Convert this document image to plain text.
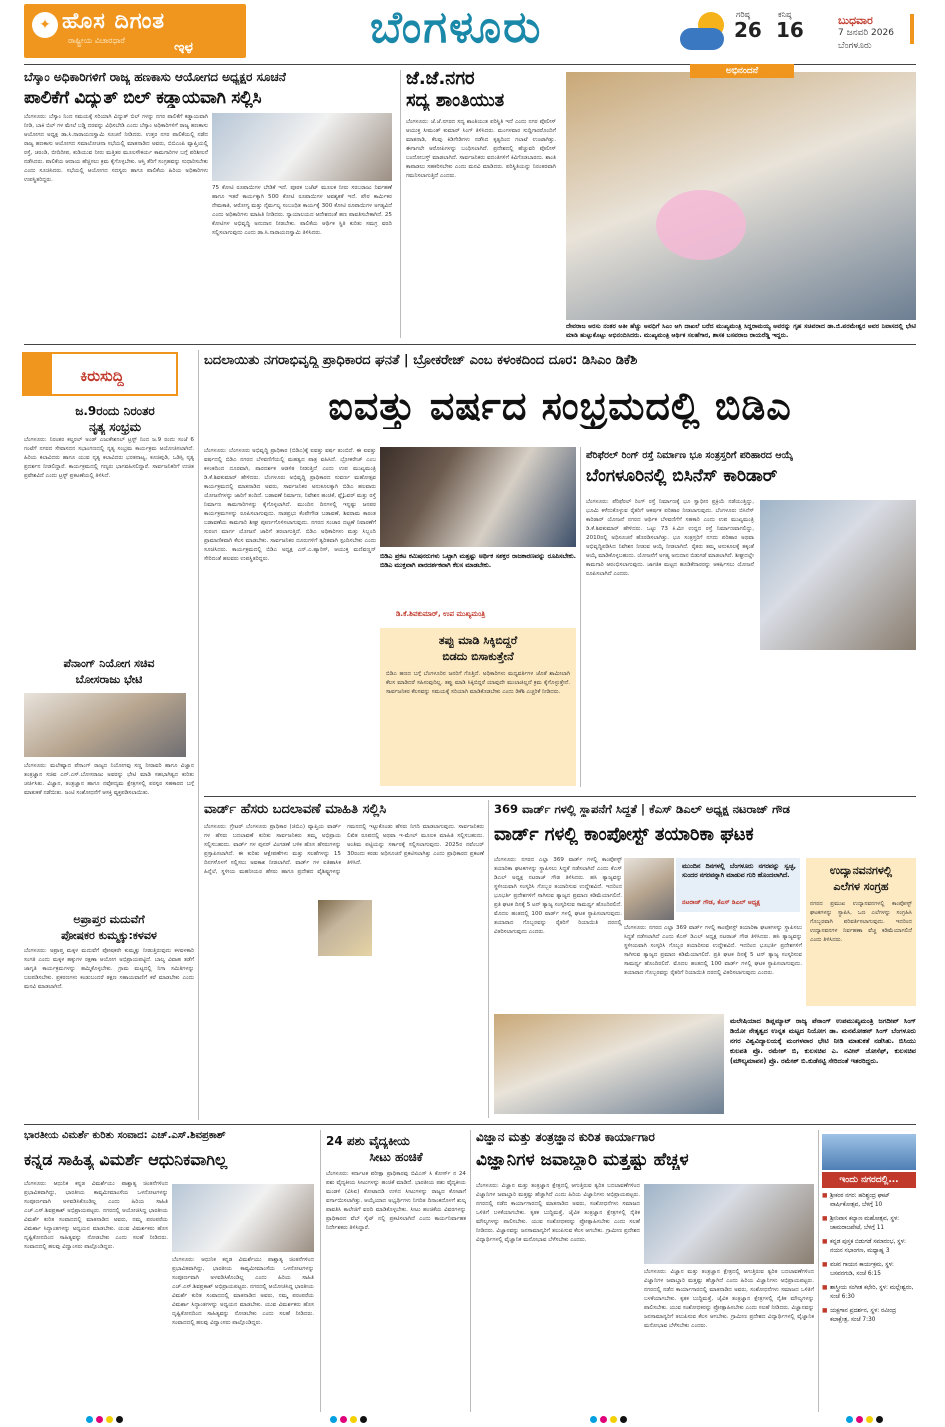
✦ ಹೊಸ ದಿಗಂತ
ರಾಷ್ಟ್ರೀಯ ವಿಚಾರಧಾರೆ	ಇಳ	ಬೆಂಗಳೂರು	ಗರಿಷ್ಠ
26
ಕನಿಷ್ಠ
16	ಬುಧವಾರ
7 ಜನವರಿ 2026
ಬೆಂಗಳೂರು
ಬೆಸ್ಕಾಂ ಅಧಿಕಾರಿಗಳಿಗೆ ರಾಜ್ಯ ಹಣಕಾಸು ಆಯೋಗದ ಅಧ್ಯಕ್ಷರ ಸೂಚನೆ
ಪಾಲಿಕೆಗೆ ವಿದ್ಯುತ್ ಬಿಲ್ ಕಡ್ಡಾಯವಾಗಿ ಸಲ್ಲಿಸಿ
ಬೆಂಗಳೂರು: ಬೆಸ್ಕಾಂ ನಿಂದ ಸಮಯಕ್ಕೆ ಸರಿಯಾಗಿ ವಿದ್ಯುತ್ ಬಿಲ್ ಗಳನ್ನು ನಗರ ಪಾಲಿಕೆಗೆ ಕಡ್ಡಾಯವಾಗಿ ನೀಡಿ, ಬಾಕಿ ಬಿಲ್ ಗಳ ಮೇಲೆ ಬಡ್ಡಿ ದರವನ್ನು ವಿಧಿಸಬೇಡಿ ಎಂದು ಬೆಸ್ಕಾಂ ಅಧಿಕಾರಿಗಳಿಗೆ ರಾಜ್ಯ ಹಣಕಾಸು ಆಯೋಗದ ಅಧ್ಯಕ್ಷ ಡಾ.ಸಿ.ನಾರಾಯಣಸ್ವಾಮಿ ಸೂಚನೆ ನೀಡಿದರು. ಉತ್ತರ ನಗರ ಪಾಲಿಕೆಯಲ್ಲಿ ನಡೆದ ರಾಜ್ಯ ಹಣಕಾಸು ಆಯೋಗದ ಸಮಾಲೋಚನಾ ಸಭೆಯಲ್ಲಿ ಮಾತನಾಡಿದ ಅವರು, ಬಿಬಿಎಂಪಿ ವ್ಯಾಪ್ತಿಯಲ್ಲಿ ರಸ್ತೆ, ಚರಂಡಿ, ಬೀದಿದೀಪ, ಕುಡಿಯುವ ನೀರು ಮತ್ತಿತರ ಮೂಲಸೌಕರ್ಯ ಕಾಮಗಾರಿಗಳ ಬಗ್ಗೆ ಪರಿಶೀಲನೆ ನಡೆಸಿದರು. ಪಾಲಿಕೆಯ ಆದಾಯ ಹೆಚ್ಚಿಸಲು ಕ್ರಮ ಕೈಗೊಳ್ಳಬೇಕು. ಆಸ್ತಿ ತೆರಿಗೆ ಸಂಗ್ರಹವನ್ನು ಸುಧಾರಿಸಬೇಕು ಎಂದು ಸೂಚಿಸಿದರು. ಸಭೆಯಲ್ಲಿ ಆಯೋಗದ ಸದಸ್ಯರು ಹಾಗೂ ಪಾಲಿಕೆಯ ಹಿರಿಯ ಅಧಿಕಾರಿಗಳು ಉಪಸ್ಥಿತರಿದ್ದರು.
75 ಕೋಟಿ ರೂಪಾಯಿಗಳ ಬೇಡಿಕೆ ಇದೆ. ಪೂರಕ ಬಜೆಟ್ ಮೂಲಕ ನೀರು ಸರಬರಾಜು ನಿರ್ವಹಣೆ ಹಾಗೂ ಇತರೆ ಕಾರ್ಯಕ್ಕಾಗಿ 500 ಕೋಟಿ ರೂಪಾಯಿಗಳ ಅವಶ್ಯಕತೆ ಇದೆ. ಪೌರ ಕಾರ್ಮಿಕರ ನೇಮಕಾತಿ, ಆರೋಗ್ಯ ಮತ್ತು ನೈರ್ಮಲ್ಯ ಸಂಬಂಧಿತ ಕಾರ್ಯಕ್ಕೆ 300 ಕೋಟಿ ರೂಪಾಯಿಗಳ ಅಗತ್ಯವಿದೆ ಎಂದು ಅಧಿಕಾರಿಗಳು ಮಾಹಿತಿ ನೀಡಿದರು. ನ್ಯಾಯಾಲಯದ ಆದೇಶದಂತೆ ಹಣ ಪಾವತಿಸಬೇಕಾಗಿದೆ. 25 ಕೋಟಿಗಳ ಅಭಿವೃದ್ಧಿ ಅನುದಾನ ನೀಡಬೇಕು. ಪಾಲಿಕೆಯ ಆರ್ಥಿಕ ಸ್ಥಿತಿ ಕುರಿತು ಸಮಗ್ರ ವರದಿ ಸಲ್ಲಿಸಲಾಗುವುದು ಎಂದು ಡಾ.ಸಿ.ನಾರಾಯಣಸ್ವಾಮಿ ತಿಳಿಸಿದರು.
ಜೆ.ಜೆ.ನಗರ
ಸದ್ಯ ಶಾಂತಿಯುತ
ಬೆಂಗಳೂರು: ಜೆ.ಜೆ.ನಗರದ ಸದ್ಯ ಶಾಂತಿಯುತ ಪರಿಸ್ಥಿತಿ ಇದೆ ಎಂದು ನಗರ ಪೊಲೀಸ್ ಆಯುಕ್ತ ಸೀಮಂತ್ ಕುಮಾರ್ ಸಿಂಗ್ ತಿಳಿಸಿದರು. ಮಂಗಳವಾರ ಸುದ್ದಿಗಾರರೊಂದಿಗೆ ಮಾತನಾಡಿ, ಕೆಲವು ಕಿಡಿಗೇಡಿಗಳು ನಡೆಸಿದ ಕೃತ್ಯದಿಂದ ಗಲಾಟೆ ಉಂಟಾಗಿತ್ತು. ಈಗಾಗಲೇ ಆರೋಪಿಗಳನ್ನು ಬಂಧಿಸಲಾಗಿದೆ. ಪ್ರದೇಶದಲ್ಲಿ ಹೆಚ್ಚುವರಿ ಪೊಲೀಸ್ ಬಂದೋಬಸ್ತ್ ಮಾಡಲಾಗಿದೆ. ಸಾರ್ವಜನಿಕರು ವದಂತಿಗಳಿಗೆ ಕಿವಿಗೊಡಬಾರದು. ಶಾಂತಿ ಕಾಪಾಡಲು ಸಹಕರಿಸಬೇಕು ಎಂದು ಮನವಿ ಮಾಡಿದರು. ಪರಿಸ್ಥಿತಿಯನ್ನು ನಿರಂತರವಾಗಿ ಗಮನಿಸಲಾಗುತ್ತಿದೆ ಎಂದರು.
ಅಭಿನಂದನೆ
ದೇವರಾಜ ಅರಸು ನಂತರ ಅತೀ ಹೆಚ್ಚು ಅವಧಿಗೆ ಸಿಎಂ ಆಗಿ ದಾಖಲೆ ಬರೆದ ಮುಖ್ಯಮಂತ್ರಿ ಸಿದ್ದರಾಮಯ್ಯ ಅವರನ್ನು ಗೃಹ ಸಚಿವರಾದ ಡಾ.ಜಿ.ಪರಮೇಶ್ವರ ಅವರ ನಿವಾಸದಲ್ಲಿ ಭೇಟಿ ಮಾಡಿ ಹುಟ್ಟುಕೊಟ್ಟು ಅಭಿನಂದಿಸಿದರು. ಮುಖ್ಯಮಂತ್ರಿ ಆರ್ಥಿಕ ಸಲಹೆಗಾರ, ಶಾಸಕ ಬಸವರಾಜ ರಾಯರೆಡ್ಡಿ ಇದ್ದರು.
ಕಿರುಸುದ್ದಿ
ಜ.9ರಂದು ನಿರಂತರ
ನೃತ್ಯ ಸಂಭ್ರಮ
ಬೆಂಗಳೂರು: ನಿರಂತರ ಕಲ್ಚರಲ್ ಅಂಡ್ ಎಜುಕೇಶನಲ್ ಟ್ರಸ್ಟ್ ನಿಂದ ಜ.9 ರಂದು ಸಂಜೆ 6 ಗಂಟೆಗೆ ನಗರದ ಸೇವಾಸದನ ಸಭಾಂಗಣದಲ್ಲಿ ನೃತ್ಯ ಸಂಭ್ರಮ ಕಾರ್ಯಕ್ರಮ ಆಯೋಜಿಸಲಾಗಿದೆ. ಹಿರಿಯ ಕಲಾವಿದರು ಹಾಗೂ ಯುವ ನೃತ್ಯ ಕಲಾವಿದರು ಭರತನಾಟ್ಯ, ಕೂಚಿಪುಡಿ, ಒಡಿಸ್ಸಿ ನೃತ್ಯ ಪ್ರದರ್ಶನ ನೀಡಲಿದ್ದಾರೆ. ಕಾರ್ಯಕ್ರಮದಲ್ಲಿ ಗಣ್ಯರು ಭಾಗವಹಿಸಲಿದ್ದಾರೆ. ಸಾರ್ವಜನಿಕರಿಗೆ ಉಚಿತ ಪ್ರವೇಶವಿದೆ ಎಂದು ಟ್ರಸ್ಟ್ ಪ್ರಕಟಣೆಯಲ್ಲಿ ತಿಳಿಸಿದೆ.
ಪೆನಾಂಗ್ ನಿಯೋಗ ಸಚಿವ
ಬೋಸರಾಜು ಭೇಟಿ
ಬೆಂಗಳೂರು: ಮಲೇಷ್ಯಾದ ಪೆನಾಂಗ್ ರಾಜ್ಯದ ನಿಯೋಗವು ಸಣ್ಣ ನೀರಾವರಿ ಹಾಗೂ ವಿಜ್ಞಾನ ತಂತ್ರಜ್ಞಾನ ಸಚಿವ ಎನ್.ಎಸ್.ಬೋಸರಾಜು ಅವರನ್ನು ಭೇಟಿ ಮಾಡಿ ಸಹಭಾಗಿತ್ವದ ಕುರಿತು ಚರ್ಚಿಸಿತು. ವಿಜ್ಞಾನ, ತಂತ್ರಜ್ಞಾನ ಹಾಗೂ ನವೋದ್ಯಮ ಕ್ಷೇತ್ರಗಳಲ್ಲಿ ಪರಸ್ಪರ ಸಹಕಾರದ ಬಗ್ಗೆ ಮಾತುಕತೆ ನಡೆಯಿತು. ಜಂಟಿ ಸಂಶೋಧನೆಗೆ ಆಸಕ್ತಿ ವ್ಯಕ್ತಪಡಿಸಲಾಯಿತು.
ಅಪ್ರಾಪ್ತರ ಮದುವೆಗೆ
ಪೋಷಕರ ಕುಮ್ಮಕ್ಕು:ಕಳವಳ
ಬೆಂಗಳೂರು: ಅಪ್ರಾಪ್ತ ಮಕ್ಕಳ ಮದುವೆಗೆ ಪೋಷಕರೇ ಕುಮ್ಮಕ್ಕು ನೀಡುತ್ತಿರುವುದು ಕಳವಳಕಾರಿ ಸಂಗತಿ ಎಂದು ಮಕ್ಕಳ ಹಕ್ಕುಗಳ ರಕ್ಷಣಾ ಆಯೋಗ ಅಭಿಪ್ರಾಯಪಟ್ಟಿದೆ. ಬಾಲ್ಯ ವಿವಾಹ ತಡೆಗೆ ಜಾಗೃತಿ ಕಾರ್ಯಕ್ರಮಗಳನ್ನು ಹಮ್ಮಿಕೊಳ್ಳಬೇಕು. ಗ್ರಾಮ ಮಟ್ಟದಲ್ಲಿ ನಿಗಾ ಸಮಿತಿಗಳನ್ನು ಬಲಪಡಿಸಬೇಕು. ಪ್ರಕರಣಗಳು ಕಂಡುಬಂದರೆ ತಕ್ಷಣ ಸಹಾಯವಾಣಿಗೆ ಕರೆ ಮಾಡಬೇಕು ಎಂದು ಮನವಿ ಮಾಡಲಾಗಿದೆ.
ಬದಲಾಯಿತು ನಗರಾಭಿವೃದ್ಧಿ ಪ್ರಾಧಿಕಾರದ ಘನತೆ | ಬ್ರೋಕರೇಜ್ ಎಂಬ ಕಳಂಕದಿಂದ ದೂರ: ಡಿಸಿಎಂ ಡಿಕೆಶಿ
ಐವತ್ತು ವರ್ಷದ ಸಂಭ್ರಮದಲ್ಲಿ ಬಿಡಿಎ
ಬೆಂಗಳೂರು: ಬೆಂಗಳೂರು ಅಭಿವೃದ್ಧಿ ಪ್ರಾಧಿಕಾರ (ಬಿಡಿಎ)ಕ್ಕೆ ಐವತ್ತು ವರ್ಷ ತುಂಬಿದೆ. ಈ ಐವತ್ತು ವರ್ಷದಲ್ಲಿ ಬಿಡಿಎ ನಗರದ ಬೆಳವಣಿಗೆಯಲ್ಲಿ ಮಹತ್ವದ ಪಾತ್ರ ವಹಿಸಿದೆ. ಬ್ರೋಕರೇಜ್ ಎಂಬ ಕಳಂಕದಿಂದ ದೂರವಾಗಿ, ಪಾರದರ್ಶಕ ಆಡಳಿತ ನೀಡುತ್ತಿದೆ ಎಂದು ಉಪ ಮುಖ್ಯಮಂತ್ರಿ ಡಿ.ಕೆ.ಶಿವಕುಮಾರ್ ಹೇಳಿದರು. ಬೆಂಗಳೂರು ಅಭಿವೃದ್ಧಿ ಪ್ರಾಧಿಕಾರದ ಸುವರ್ಣ ಮಹೋತ್ಸವ ಕಾರ್ಯಕ್ರಮದಲ್ಲಿ ಮಾತನಾಡಿದ ಅವರು, ಸಾರ್ವಜನಿಕರ ಅನುಕೂಲಕ್ಕಾಗಿ ಬಿಡಿಎ ಹಲವಾರು ಯೋಜನೆಗಳನ್ನು ಜಾರಿಗೆ ತಂದಿದೆ. ಬಡಾವಣೆ ನಿರ್ಮಾಣ, ನಿವೇಶನ ಹಂಚಿಕೆ, ಫ್ಲೈಓವರ್ ಮತ್ತು ರಸ್ತೆ ನಿರ್ಮಾಣ ಕಾಮಗಾರಿಗಳನ್ನು ಕೈಗೊಳ್ಳಲಾಗಿದೆ. ಮುಂದಿನ ದಿನಗಳಲ್ಲಿ ಇನ್ನಷ್ಟು ಜನಪರ ಕಾರ್ಯಕ್ರಮಗಳನ್ನು ರೂಪಿಸಲಾಗುವುದು. ನಾಡಪ್ರಭು ಕೆಂಪೇಗೌಡ ಬಡಾವಣೆ, ಶಿವರಾಮ ಕಾರಂತ ಬಡಾವಣೆಯ ಕಾಮಗಾರಿ ಶೀಘ್ರ ಪೂರ್ಣಗೊಳಿಸಲಾಗುವುದು. ನಗರದ ಸಂಚಾರ ದಟ್ಟಣೆ ನಿವಾರಣೆಗೆ ಸುರಂಗ ಮಾರ್ಗ ಯೋಜನೆ ಜಾರಿಗೆ ತರಲಾಗುತ್ತಿದೆ. ಬಿಡಿಎ ಅಧಿಕಾರಿಗಳು ಮತ್ತು ಸಿಬ್ಬಂದಿ ಪ್ರಾಮಾಣಿಕವಾಗಿ ಕೆಲಸ ಮಾಡಬೇಕು. ಸಾರ್ವಜನಿಕರ ದೂರುಗಳಿಗೆ ತ್ವರಿತವಾಗಿ ಸ್ಪಂದಿಸಬೇಕು ಎಂದು ಸೂಚಿಸಿದರು. ಕಾರ್ಯಕ್ರಮದಲ್ಲಿ ಬಿಡಿಎ ಅಧ್ಯಕ್ಷ ಎನ್.ಎ.ಹ್ಯಾರಿಸ್, ಆಯುಕ್ತ ಮಣಿವಣ್ಣನ್ ಸೇರಿದಂತೆ ಹಲವರು ಉಪಸ್ಥಿತರಿದ್ದರು.	ಬಿಡಿಎ ಪ್ರಕಟ ಕಮಿಷನರುಗಳು ಒಟ್ಟಾಗಿ ಮತ್ತಷ್ಟು ಅರ್ಥಿಕ ಸಶಕ್ತರ ರಾಜಕಾರಣವನ್ನು ರೂಪಿಸಬೇಕು. ಬಿಡಿಎ ಮುಕ್ತವಾಗಿ ಪಾರದರ್ಶಕವಾಗಿ ಕೆಲಸ ಮಾಡಬೇಕು.
ಡಿ.ಕೆ.ಶಿವಕುಮಾರ್, ಉಪ ಮುಖ್ಯಮಂತ್ರಿ
ತಪ್ಪು ಮಾಡಿ ಸಿಕ್ಕಿಬಿದ್ದರೆ
ಬಿಡದು ಬಿಸಾಕುತ್ತೇನೆ
ಬಿಡಿಎ ಹಣದ ಬಗ್ಗೆ ಬೆಂಗಳೂರಿನ ಜನರಿಗೆ ಗೊತ್ತಿದೆ. ಅಧಿಕಾರಿಗಳು ಮಧ್ಯವರ್ತಿಗಳ ಜೊತೆ ಶಾಮೀಲಾಗಿ ಕೆಲಸ ಮಾಡಿದರೆ ಸಹಿಸುವುದಿಲ್ಲ. ತಪ್ಪು ಮಾಡಿ ಸಿಕ್ಕಿಬಿದ್ದರೆ ಯಾವುದೇ ಮುಲಾಜಿಲ್ಲದೆ ಕ್ರಮ ಕೈಗೊಳ್ಳುತ್ತೇನೆ. ಸಾರ್ವಜನಿಕರ ಕೆಲಸವನ್ನು ಸಮಯಕ್ಕೆ ಸರಿಯಾಗಿ ಮಾಡಿಕೊಡಬೇಕು ಎಂದು ಡಿಕೆಶಿ ಎಚ್ಚರಿಕೆ ನೀಡಿದರು.
ಪೆರಿಫೆರಲ್ ರಿಂಗ್ ರಸ್ತೆ ನಿರ್ಮಾಣ ಭೂ ಸಂತ್ರಸ್ತರಿಗೆ ಪರಿಹಾರದ ಆಯ್ಕೆ
ಬೆಂಗಳೂರಿನಲ್ಲಿ ಬಿಸಿನೆಸ್ ಕಾರಿಡಾರ್
ಬೆಂಗಳೂರು: ಪೆರಿಫೆರಲ್ ರಿಂಗ್ ರಸ್ತೆ ನಿರ್ಮಾಣಕ್ಕೆ ಭೂ ಸ್ವಾಧೀನ ಪ್ರಕ್ರಿಯೆ ನಡೆಯುತ್ತಿದ್ದು, ಭೂಮಿ ಕಳೆದುಕೊಳ್ಳುವ ರೈತರಿಗೆ ಆಕರ್ಷಕ ಪರಿಹಾರ ನೀಡಲಾಗುವುದು. ಬೆಂಗಳೂರು ಬಿಸಿನೆಸ್ ಕಾರಿಡಾರ್ ಯೋಜನೆ ನಗರದ ಆರ್ಥಿಕ ಬೆಳವಣಿಗೆಗೆ ಸಹಕಾರಿ ಎಂದು ಉಪ ಮುಖ್ಯಮಂತ್ರಿ ಡಿ.ಕೆ.ಶಿವಕುಮಾರ್ ಹೇಳಿದರು. ಒಟ್ಟು 73 ಕಿ.ಮೀ ಉದ್ದದ ರಸ್ತೆ ನಿರ್ಮಾಣವಾಗಲಿದ್ದು, 2010ರಲ್ಲಿ ಅಧಿಸೂಚನೆ ಹೊರಡಿಸಲಾಗಿತ್ತು. ಭೂ ಸಂತ್ರಸ್ತರಿಗೆ ನಗದು ಪರಿಹಾರ ಅಥವಾ ಅಭಿವೃದ್ಧಿಪಡಿಸಿದ ನಿವೇಶನ ನೀಡುವ ಆಯ್ಕೆ ನೀಡಲಾಗಿದೆ. ರೈತರು ತಮ್ಮ ಅನುಕೂಲಕ್ಕೆ ತಕ್ಕಂತೆ ಆಯ್ಕೆ ಮಾಡಿಕೊಳ್ಳಬಹುದು. ಯೋಜನೆಗೆ ಅಗತ್ಯ ಅನುದಾನ ಬಿಡುಗಡೆ ಮಾಡಲಾಗಿದೆ. ಶೀಘ್ರದಲ್ಲೇ ಕಾಮಗಾರಿ ಆರಂಭಿಸಲಾಗುವುದು. ಜಾಗತಿಕ ಮಟ್ಟದ ಹೂಡಿಕೆದಾರರನ್ನು ಆಕರ್ಷಿಸಲು ಯೋಜನೆ ರೂಪಿಸಲಾಗಿದೆ ಎಂದರು.
ವಾರ್ಡ್ ಹೆಸರು ಬದಲಾವಣೆ ಮಾಹಿತಿ ಸಲ್ಲಿಸಿ
ಬೆಂಗಳೂರು: ಗ್ರೇಟರ್ ಬೆಂಗಳೂರು ಪ್ರಾಧಿಕಾರ (ಜಿಬಿಎ) ವ್ಯಾಪ್ತಿಯ ವಾರ್ಡ್ ಗಳ ಹೆಸರು ಬದಲಾವಣೆ ಕುರಿತು ಸಾರ್ವಜನಿಕರು ತಮ್ಮ ಅಭಿಪ್ರಾಯ ಸಲ್ಲಿಸಬಹುದು. ವಾರ್ಡ್ ಗಳ ಪುನರ್ ವಿಂಗಡಣೆ ಬಳಿಕ ಹೊಸ ಹೆಸರುಗಳನ್ನು ಪ್ರಸ್ತಾಪಿಸಲಾಗಿದೆ. ಈ ಕುರಿತು ಆಕ್ಷೇಪಣೆಗಳು ಮತ್ತು ಸಲಹೆಗಳನ್ನು 15 ದಿನಗಳೊಳಗೆ ಸಲ್ಲಿಸಲು ಅವಕಾಶ ನೀಡಲಾಗಿದೆ. ವಾರ್ಡ್ ಗಳ ಐತಿಹಾಸಿಕ ಹಿನ್ನೆಲೆ, ಸ್ಥಳೀಯ ಮಹನೀಯರ ಹೆಸರು ಹಾಗೂ ಪ್ರದೇಶದ ವೈಶಿಷ್ಟ್ಯಗಳನ್ನು ಗಮನದಲ್ಲಿ ಇಟ್ಟುಕೊಂಡು ಹೆಸರು ನಿಗದಿ ಮಾಡಲಾಗುವುದು. ಸಾರ್ವಜನಿಕರು ಲಿಖಿತ ರೂಪದಲ್ಲಿ ಅಥವಾ ಇ-ಮೇಲ್ ಮೂಲಕ ಮಾಹಿತಿ ಸಲ್ಲಿಸಬಹುದು. ಅಂತಿಮ ಪಟ್ಟಿಯನ್ನು ಸರ್ಕಾರಕ್ಕೆ ಸಲ್ಲಿಸಲಾಗುವುದು. 2025ರ ನವೆಂಬರ್ 30ರಂದು ಕರಡು ಅಧಿಸೂಚನೆ ಪ್ರಕಟಿಸಲಾಗಿತ್ತು ಎಂದು ಪ್ರಾಧಿಕಾರದ ಪ್ರಕಟಣೆ ತಿಳಿಸಿದೆ.
369 ವಾರ್ಡ್ ಗಳಲ್ಲಿ ಸ್ಥಾಪನೆಗೆ ಸಿದ್ಧತೆ | ಕೆಎಸ್ ಡಿಎಲ್ ಅಧ್ಯಕ್ಷ ನಟರಾಜ್ ಗೌಡ
ವಾರ್ಡ್ ಗಳಲ್ಲಿ ಕಾಂಪೋಸ್ಟ್ ತಯಾರಿಕಾ ಘಟಕ
ಬೆಂಗಳೂರು: ನಗರದ ಎಲ್ಲಾ 369 ವಾರ್ಡ್ ಗಳಲ್ಲಿ ಕಾಂಪೋಸ್ಟ್ ತಯಾರಿಕಾ ಘಟಕಗಳನ್ನು ಸ್ಥಾಪಿಸಲು ಸಿದ್ಧತೆ ನಡೆಸಲಾಗಿದೆ ಎಂದು ಕೆಎಸ್ ಡಿಎಲ್ ಅಧ್ಯಕ್ಷ ನಟರಾಜ್ ಗೌಡ ತಿಳಿಸಿದರು. ಹಸಿ ತ್ಯಾಜ್ಯವನ್ನು ಸ್ಥಳೀಯವಾಗಿ ಸಂಸ್ಕರಿಸಿ ಗೊಬ್ಬರ ತಯಾರಿಸುವ ಉದ್ದೇಶವಿದೆ. ಇದರಿಂದ ಭೂಭರ್ತಿ ಪ್ರದೇಶಗಳಿಗೆ ಸಾಗಿಸುವ ತ್ಯಾಜ್ಯದ ಪ್ರಮಾಣ ಕಡಿಮೆಯಾಗಲಿದೆ. ಪ್ರತಿ ಘಟಕ ದಿನಕ್ಕೆ 5 ಟನ್ ತ್ಯಾಜ್ಯ ಸಂಸ್ಕರಿಸುವ ಸಾಮರ್ಥ್ಯ ಹೊಂದಿರಲಿದೆ. ಮೊದಲ ಹಂತದಲ್ಲಿ 100 ವಾರ್ಡ್ ಗಳಲ್ಲಿ ಘಟಕ ಸ್ಥಾಪಿಸಲಾಗುವುದು. ತಯಾರಾದ ಗೊಬ್ಬರವನ್ನು ರೈತರಿಗೆ ರಿಯಾಯಿತಿ ದರದಲ್ಲಿ ವಿತರಿಸಲಾಗುವುದು ಎಂದರು.
ಮುಂದಿನ ದಿನಗಳಲ್ಲಿ ಬೆಂಗಳೂರು ನಗರವನ್ನು ಸ್ವಚ್ಛ, ಸುಂದರ ನಗರವನ್ನಾಗಿ ಮಾಡುವ ಗುರಿ ಹೊಂದಲಾಗಿದೆ.
ನಟರಾಜ್ ಗೌಡ, ಕೆಎಸ್ ಡಿಎಲ್ ಅಧ್ಯಕ್ಷ
ಬೆಂಗಳೂರು: ನಗರದ ಎಲ್ಲಾ 369 ವಾರ್ಡ್ ಗಳಲ್ಲಿ ಕಾಂಪೋಸ್ಟ್ ತಯಾರಿಕಾ ಘಟಕಗಳನ್ನು ಸ್ಥಾಪಿಸಲು ಸಿದ್ಧತೆ ನಡೆಸಲಾಗಿದೆ ಎಂದು ಕೆಎಸ್ ಡಿಎಲ್ ಅಧ್ಯಕ್ಷ ನಟರಾಜ್ ಗೌಡ ತಿಳಿಸಿದರು. ಹಸಿ ತ್ಯಾಜ್ಯವನ್ನು ಸ್ಥಳೀಯವಾಗಿ ಸಂಸ್ಕರಿಸಿ ಗೊಬ್ಬರ ತಯಾರಿಸುವ ಉದ್ದೇಶವಿದೆ. ಇದರಿಂದ ಭೂಭರ್ತಿ ಪ್ರದೇಶಗಳಿಗೆ ಸಾಗಿಸುವ ತ್ಯಾಜ್ಯದ ಪ್ರಮಾಣ ಕಡಿಮೆಯಾಗಲಿದೆ. ಪ್ರತಿ ಘಟಕ ದಿನಕ್ಕೆ 5 ಟನ್ ತ್ಯಾಜ್ಯ ಸಂಸ್ಕರಿಸುವ ಸಾಮರ್ಥ್ಯ ಹೊಂದಿರಲಿದೆ. ಮೊದಲ ಹಂತದಲ್ಲಿ 100 ವಾರ್ಡ್ ಗಳಲ್ಲಿ ಘಟಕ ಸ್ಥಾಪಿಸಲಾಗುವುದು. ತಯಾರಾದ ಗೊಬ್ಬರವನ್ನು ರೈತರಿಗೆ ರಿಯಾಯಿತಿ ದರದಲ್ಲಿ ವಿತರಿಸಲಾಗುವುದು ಎಂದರು.
ಉದ್ಯಾನವನಗಳಲ್ಲಿ
ಎಲೆಗಳ ಸಂಗ್ರಹ
ನಗರದ ಪ್ರಮುಖ ಉದ್ಯಾನವನಗಳಲ್ಲಿ ಕಾಂಪೋಸ್ಟ್ ಘಟಕಗಳನ್ನು ಸ್ಥಾಪಿಸಿ, ಒಣ ಎಲೆಗಳನ್ನು ಸಂಗ್ರಹಿಸಿ ಗೊಬ್ಬರವಾಗಿ ಪರಿವರ್ತಿಸಲಾಗುವುದು. ಇದರಿಂದ ಉದ್ಯಾನವನಗಳ ನಿರ್ವಹಣಾ ವೆಚ್ಚ ಕಡಿಮೆಯಾಗಲಿದೆ ಎಂದು ತಿಳಿಸಿದರು.
ಮಲೇಷಿಯಾದ ಡಿಪ್ಲಮ್ಯಾಟ್ ರಾಜ್ಯ ಪೆನಾಂಗ್ ಉಪಮುಖ್ಯಮಂತ್ರಿ ಜಗದೀಪ್ ಸಿಂಗ್ ಡಿಯೋ ನೇತೃತ್ವದ ಉನ್ನತ ಮಟ್ಟದ ನಿಯೋಗ ಡಾ. ಮನಮೋಹನ್ ಸಿಂಗ್ ಬೆಂಗಳೂರು ನಗರ ವಿಶ್ವವಿದ್ಯಾಲಯಕ್ಕೆ ಮಂಗಳವಾರ ಭೇಟಿ ನೀಡಿ ಮಾತುಕತೆ ನಡೆಸಿತು. ಬಿಸಿಯು ಕುಲಪತಿ ಪ್ರೊ. ರಮೇಶ್ ಬಿ, ಕುಲಸಚಿವ ಎ. ನವೀನ್ ಜೋಸೆಫ್, ಕುಲಸಚಿವ (ಮೌಲ್ಯಮಾಪನ) ಪ್ರೊ. ರಮೇಶ್ ಬಿ.ಕುಡೆನಟ್ಟಿ ಸೇರಿದಂತೆ ಇತರರಿದ್ದರು.
ಭಾರತೀಯ ವಿಮರ್ಶೆ ಕುರಿತು ಸಂವಾದ: ಎಚ್.ಎಸ್.ಶಿವಪ್ರಕಾಶ್
ಕನ್ನಡ ಸಾಹಿತ್ಯ ವಿಮರ್ಶೆ ಆಧುನಿಕವಾಗಿಲ್ಲ
ಬೆಂಗಳೂರು: ಆಧುನಿಕ ಕನ್ನಡ ವಿಮರ್ಶೆಯು ಪಾಶ್ಚಾತ್ಯ ಚಿಂತನೆಗಳಿಂದ ಪ್ರಭಾವಿತವಾಗಿದ್ದು, ಭಾರತೀಯ ಕಾವ್ಯಮೀಮಾಂಸೆಯ ಒಳನೋಟಗಳನ್ನು ಸಂಪೂರ್ಣವಾಗಿ ಅಳವಡಿಸಿಕೊಂಡಿಲ್ಲ ಎಂದು ಹಿರಿಯ ಸಾಹಿತಿ ಎಚ್.ಎಸ್.ಶಿವಪ್ರಕಾಶ್ ಅಭಿಪ್ರಾಯಪಟ್ಟರು. ನಗರದಲ್ಲಿ ಆಯೋಜಿಸಿದ್ದ ಭಾರತೀಯ ವಿಮರ್ಶೆ ಕುರಿತ ಸಂವಾದದಲ್ಲಿ ಮಾತನಾಡಿದ ಅವರು, ನಮ್ಮ ಪರಂಪರೆಯ ವಿಮರ್ಶಾ ಸಿದ್ಧಾಂತಗಳನ್ನು ಅಧ್ಯಯನ ಮಾಡಬೇಕು. ಯುವ ವಿಮರ್ಶಕರು ಹೊಸ ದೃಷ್ಟಿಕೋನದಿಂದ ಸಾಹಿತ್ಯವನ್ನು ನೋಡಬೇಕು ಎಂದು ಸಲಹೆ ನೀಡಿದರು. ಸಂವಾದದಲ್ಲಿ ಹಲವು ವಿದ್ವಾಂಸರು ಪಾಲ್ಗೊಂಡಿದ್ದರು.
ಬೆಂಗಳೂರು: ಆಧುನಿಕ ಕನ್ನಡ ವಿಮರ್ಶೆಯು ಪಾಶ್ಚಾತ್ಯ ಚಿಂತನೆಗಳಿಂದ ಪ್ರಭಾವಿತವಾಗಿದ್ದು, ಭಾರತೀಯ ಕಾವ್ಯಮೀಮಾಂಸೆಯ ಒಳನೋಟಗಳನ್ನು ಸಂಪೂರ್ಣವಾಗಿ ಅಳವಡಿಸಿಕೊಂಡಿಲ್ಲ ಎಂದು ಹಿರಿಯ ಸಾಹಿತಿ ಎಚ್.ಎಸ್.ಶಿವಪ್ರಕಾಶ್ ಅಭಿಪ್ರಾಯಪಟ್ಟರು. ನಗರದಲ್ಲಿ ಆಯೋಜಿಸಿದ್ದ ಭಾರತೀಯ ವಿಮರ್ಶೆ ಕುರಿತ ಸಂವಾದದಲ್ಲಿ ಮಾತನಾಡಿದ ಅವರು, ನಮ್ಮ ಪರಂಪರೆಯ ವಿಮರ್ಶಾ ಸಿದ್ಧಾಂತಗಳನ್ನು ಅಧ್ಯಯನ ಮಾಡಬೇಕು. ಯುವ ವಿಮರ್ಶಕರು ಹೊಸ ದೃಷ್ಟಿಕೋನದಿಂದ ಸಾಹಿತ್ಯವನ್ನು ನೋಡಬೇಕು ಎಂದು ಸಲಹೆ ನೀಡಿದರು. ಸಂವಾದದಲ್ಲಿ ಹಲವು ವಿದ್ವಾಂಸರು ಪಾಲ್ಗೊಂಡಿದ್ದರು.
24 ಪಶು ವೈದ್ಯಕೀಯ
ಸೀಟು ಹಂಚಿಕೆ
ಬೆಂಗಳೂರು: ಕರ್ನಾಟಕ ಪರೀಕ್ಷಾ ಪ್ರಾಧಿಕಾರವು ಬಿವಿಎಸ್ ಸಿ ಕೋರ್ಸ್ ನ 24 ಪಶು ವೈದ್ಯಕೀಯ ಸೀಟುಗಳನ್ನು ಹಂಚಿಕೆ ಮಾಡಿದೆ. ಭಾರತೀಯ ಪಶು ವೈದ್ಯಕೀಯ ಮಂಡಳಿ (ವಿಸಿಐ) ಕೋಟಾದಡಿ ಉಳಿದ ಸೀಟುಗಳನ್ನು ರಾಜ್ಯದ ಕೋಟಾಗೆ ವರ್ಗಾಯಿಸಲಾಗಿತ್ತು. ಆಯ್ಕೆಯಾದ ಅಭ್ಯರ್ಥಿಗಳು ನಿಗದಿತ ದಿನಾಂಕದೊಳಗೆ ಶುಲ್ಕ ಪಾವತಿಸಿ ಕಾಲೇಜಿಗೆ ವರದಿ ಮಾಡಿಕೊಳ್ಳಬೇಕು. ಸೀಟು ಹಂಚಿಕೆಯ ವಿವರಗಳನ್ನು ಪ್ರಾಧಿಕಾರದ ವೆಬ್ ಸೈಟ್ ನಲ್ಲಿ ಪ್ರಕಟಿಸಲಾಗಿದೆ ಎಂದು ಕಾರ್ಯನಿರ್ವಾಹಕ ನಿರ್ದೇಶಕರು ತಿಳಿಸಿದ್ದಾರೆ.
ವಿಜ್ಞಾನ ಮತ್ತು ತಂತ್ರಜ್ಞಾನ ಕುರಿತ ಕಾರ್ಯಾಗಾರ
ವಿಜ್ಞಾನಿಗಳ ಜವಾಬ್ದಾರಿ ಮತ್ತಷ್ಟು ಹೆಚ್ಚಳ
ಬೆಂಗಳೂರು: ವಿಜ್ಞಾನ ಮತ್ತು ತಂತ್ರಜ್ಞಾನ ಕ್ಷೇತ್ರದಲ್ಲಿ ಆಗುತ್ತಿರುವ ತ್ವರಿತ ಬದಲಾವಣೆಗಳಿಂದ ವಿಜ್ಞಾನಿಗಳ ಜವಾಬ್ದಾರಿ ಮತ್ತಷ್ಟು ಹೆಚ್ಚಾಗಿದೆ ಎಂದು ಹಿರಿಯ ವಿಜ್ಞಾನಿಗಳು ಅಭಿಪ್ರಾಯಪಟ್ಟರು. ನಗರದಲ್ಲಿ ನಡೆದ ಕಾರ್ಯಾಗಾರದಲ್ಲಿ ಮಾತನಾಡಿದ ಅವರು, ಸಂಶೋಧನೆಗಳು ಸಮಾಜದ ಒಳಿತಿಗೆ ಬಳಕೆಯಾಗಬೇಕು. ಕೃತಕ ಬುದ್ಧಿಮತ್ತೆ, ಜೈವಿಕ ತಂತ್ರಜ್ಞಾನ ಕ್ಷೇತ್ರಗಳಲ್ಲಿ ನೈತಿಕ ಮೌಲ್ಯಗಳನ್ನು ಪಾಲಿಸಬೇಕು. ಯುವ ಸಂಶೋಧಕರನ್ನು ಪ್ರೋತ್ಸಾಹಿಸಬೇಕು ಎಂದು ಸಲಹೆ ನೀಡಿದರು. ವಿಜ್ಞಾನವನ್ನು ಜನಸಾಮಾನ್ಯರಿಗೆ ತಲುಪಿಸುವ ಕೆಲಸ ಆಗಬೇಕು. ಗ್ರಾಮೀಣ ಪ್ರದೇಶದ ವಿದ್ಯಾರ್ಥಿಗಳಲ್ಲಿ ವೈಜ್ಞಾನಿಕ ಮನೋಭಾವ ಬೆಳೆಸಬೇಕು ಎಂದರು.
ಬೆಂಗಳೂರು: ವಿಜ್ಞಾನ ಮತ್ತು ತಂತ್ರಜ್ಞಾನ ಕ್ಷೇತ್ರದಲ್ಲಿ ಆಗುತ್ತಿರುವ ತ್ವರಿತ ಬದಲಾವಣೆಗಳಿಂದ ವಿಜ್ಞಾನಿಗಳ ಜವಾಬ್ದಾರಿ ಮತ್ತಷ್ಟು ಹೆಚ್ಚಾಗಿದೆ ಎಂದು ಹಿರಿಯ ವಿಜ್ಞಾನಿಗಳು ಅಭಿಪ್ರಾಯಪಟ್ಟರು. ನಗರದಲ್ಲಿ ನಡೆದ ಕಾರ್ಯಾಗಾರದಲ್ಲಿ ಮಾತನಾಡಿದ ಅವರು, ಸಂಶೋಧನೆಗಳು ಸಮಾಜದ ಒಳಿತಿಗೆ ಬಳಕೆಯಾಗಬೇಕು. ಕೃತಕ ಬುದ್ಧಿಮತ್ತೆ, ಜೈವಿಕ ತಂತ್ರಜ್ಞಾನ ಕ್ಷೇತ್ರಗಳಲ್ಲಿ ನೈತಿಕ ಮೌಲ್ಯಗಳನ್ನು ಪಾಲಿಸಬೇಕು. ಯುವ ಸಂಶೋಧಕರನ್ನು ಪ್ರೋತ್ಸಾಹಿಸಬೇಕು ಎಂದು ಸಲಹೆ ನೀಡಿದರು. ವಿಜ್ಞಾನವನ್ನು ಜನಸಾಮಾನ್ಯರಿಗೆ ತಲುಪಿಸುವ ಕೆಲಸ ಆಗಬೇಕು. ಗ್ರಾಮೀಣ ಪ್ರದೇಶದ ವಿದ್ಯಾರ್ಥಿಗಳಲ್ಲಿ ವೈಜ್ಞಾನಿಕ ಮನೋಭಾವ ಬೆಳೆಸಬೇಕು ಎಂದರು.
ಇಂದು ನಗರದಲ್ಲಿ...
■ ಶ್ರೀಕಂಠ ನಗರ: ಹರಿಶ್ಚಂದ್ರ ಘಾಟ್ ವಾರ್ಷಿಕೋತ್ಸವ, ಬೆಳಗ್ಗೆ 10
■ ಶ್ರೀನಿವಾಸ ಕಲ್ಯಾಣ ಮಹೋತ್ಸವ, ಸ್ಥಳ: ಚಾಮರಾಜಪೇಟೆ, ಬೆಳಗ್ಗೆ 11
■ ಕನ್ನಡ ಪುಸ್ತಕ ಬಿಡುಗಡೆ ಸಮಾರಂಭ, ಸ್ಥಳ: ನಯನ ಸಭಾಂಗಣ, ಮಧ್ಯಾಹ್ನ 3
■ ವಚನ ಗಾಯನ ಕಾರ್ಯಕ್ರಮ, ಸ್ಥಳ: ಬಸವನಗುಡಿ, ಸಂಜೆ 6:15
■ ಶಾಸ್ತ್ರೀಯ ಸಂಗೀತ ಕಛೇರಿ, ಸ್ಥಳ: ಮಲ್ಲೇಶ್ವರಂ, ಸಂಜೆ 6:30
■ ಯಕ್ಷಗಾನ ಪ್ರದರ್ಶನ, ಸ್ಥಳ: ರವೀಂದ್ರ ಕಲಾಕ್ಷೇತ್ರ, ಸಂಜೆ 7:30
